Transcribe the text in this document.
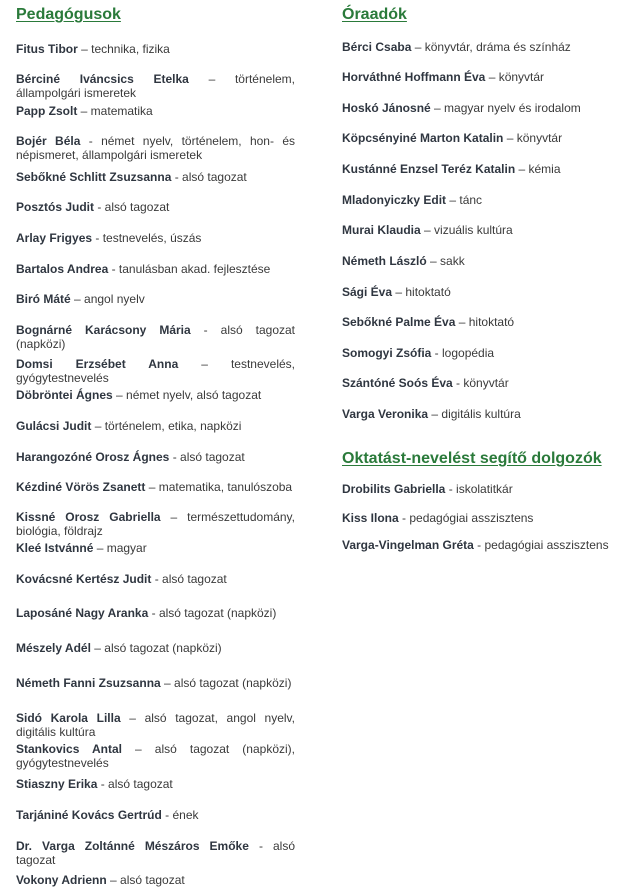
Pedagógusok

Fitus Tibor – technika, fizika

Bérciné Iváncsics Etelka – történelem, állampolgári ismeretek

Papp Zsolt – matematika

Bojér Béla - német nyelv, történelem, hon- és népismeret, állampolgári ismeretek

Sebőkné Schlitt Zsuzsanna - alsó tagozat

Posztós Judit - alsó tagozat

Arlay Frigyes - testnevelés, úszás

Bartalos Andrea - tanulásban akad. fejlesztése

Biró Máté – angol nyelv

Bognárné Karácsony Mária - alsó tagozat (napközi)

Domsi Erzsébet Anna – testnevelés, gyógytestnevelés

Döbröntei Ágnes – német nyelv, alsó tagozat

Gulácsi Judit – történelem, etika, napközi

Harangozóné Orosz Ágnes - alsó tagozat

Kézdiné Vörös Zsanett – matematika, tanulószoba

Kissné Orosz Gabriella – természettudomány, biológia, földrajz

Kleé Istvánné – magyar

Kovácsné Kertész Judit - alsó tagozat

Laposáné Nagy Aranka - alsó tagozat (napközi)

Mészely Adél – alsó tagozat (napközi)

Németh Fanni Zsuzsanna – alsó tagozat (napközi)

Sidó Karola Lilla – alsó tagozat, angol nyelv, digitális kultúra

Stankovics Antal – alsó tagozat (napközi), gyógytestnevelés

Stiaszny Erika - alsó tagozat

Tarjániné Kovács Gertrúd - ének

Dr. Varga Zoltánné Mészáros Emőke - alsó tagozat

Vokony Adrienn – alsó tagozat

Óraadók

Bérci Csaba – könyvtár, dráma és színház

Horváthné Hoffmann Éva – könyvtár

Hoskó Jánosné – magyar nyelv és irodalom

Köpcsényiné Marton Katalin – könyvtár

Kustánné Enzsel Teréz Katalin – kémia

Mladonyiczky Edit – tánc

Murai Klaudia – vizuális kultúra

Németh László – sakk

Sági Éva – hitoktató

Sebőkné Palme Éva – hitoktató

Somogyi Zsófia - logopédia

Szántóné Soós Éva - könyvtár

Varga Veronika – digitális kultúra

Oktatást-nevelést segítő dolgozók

Drobilits Gabriella - iskolatitkár

Kiss Ilona - pedagógiai asszisztens

Varga-Vingelman Gréta - pedagógiai asszisztens
